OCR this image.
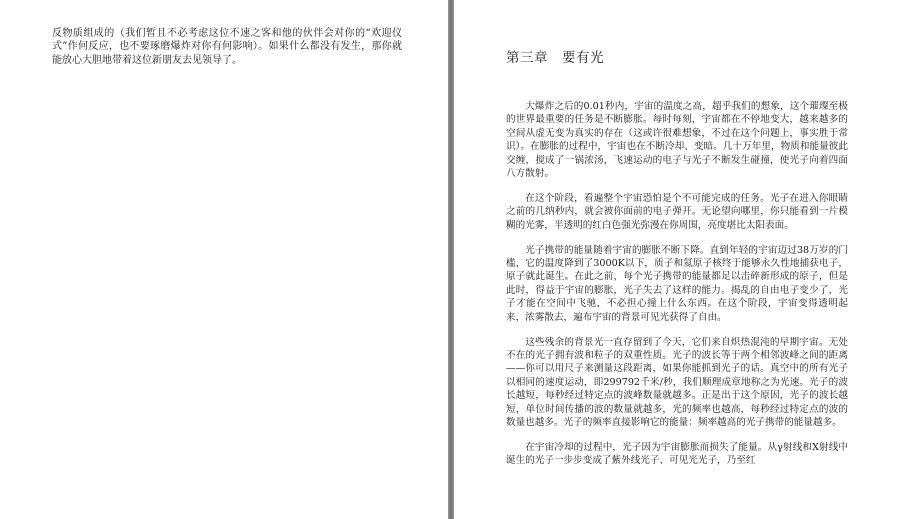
反物质组成的（我们暂且不必考虑这位不速之客和他的伙伴会对你的“欢迎仪式”作何反应，也不要琢磨爆炸对你有何影响）。如果什么都没有发生，那你就能放心大胆地带着这位新朋友去见领导了。	第三章　要有光

大爆炸之后的0.01秒内，宇宙的温度之高，超乎我们的想象，这个璀璨至极的世界最重要的任务是不断膨胀。每时每刻，宇宙都在不停地变大，越来越多的空间从虚无变为真实的存在（这或许很难想象，不过在这个问题上，事实胜于常识）。在膨胀的过程中，宇宙也在不断冷却、变暗。几十万年里，物质和能量彼此交缠，搅成了一锅浓汤，飞速运动的电子与光子不断发生碰撞，使光子向着四面八方散射。

在这个阶段，看遍整个宇宙恐怕是个不可能完成的任务。光子在进入你眼睛之前的几纳秒内，就会被你面前的电子弹开。无论望向哪里，你只能看到一片模糊的光雾，半透明的红白色强光弥漫在你周围，亮度堪比太阳表面。

光子携带的能量随着宇宙的膨胀不断下降。直到年轻的宇宙迈过38万岁的门槛，它的温度降到了3000K以下，质子和氦原子核终于能够永久性地捕获电子，原子就此诞生。在此之前，每个光子携带的能量都足以击碎新形成的原子，但是此时，得益于宇宙的膨胀，光子失去了这样的能力。揭乱的自由电子变少了，光子才能在空间中飞驰，不必担心撞上什么东西。在这个阶段，宇宙变得透明起来，浓雾散去，遍布宇宙的背景可见光获得了自由。

这些残余的背景光一直存留到了今天，它们来自炽热混沌的早期宇宙。无处不在的光子拥有波和粒子的双重性质。光子的波长等于两个相邻波峰之间的距离——你可以用尺子来测量这段距离，如果你能抓到光子的话。真空中的所有光子以相同的速度运动，即299792千米/秒，我们顺理成章地称之为光速。光子的波长越短，每秒经过特定点的波峰数量就越多。正是出于这个原因，光子的波长越短，单位时间传播的波的数量就越多，光的频率也越高，每秒经过特定点的波的数量也越多。光子的频率直接影响它的能量：频率越高的光子携带的能量越多。

在宇宙冷却的过程中，光子因为宇宙膨胀而损失了能量。从γ射线和X射线中诞生的光子一步步变成了紫外线光子、可见光光子，乃至红
